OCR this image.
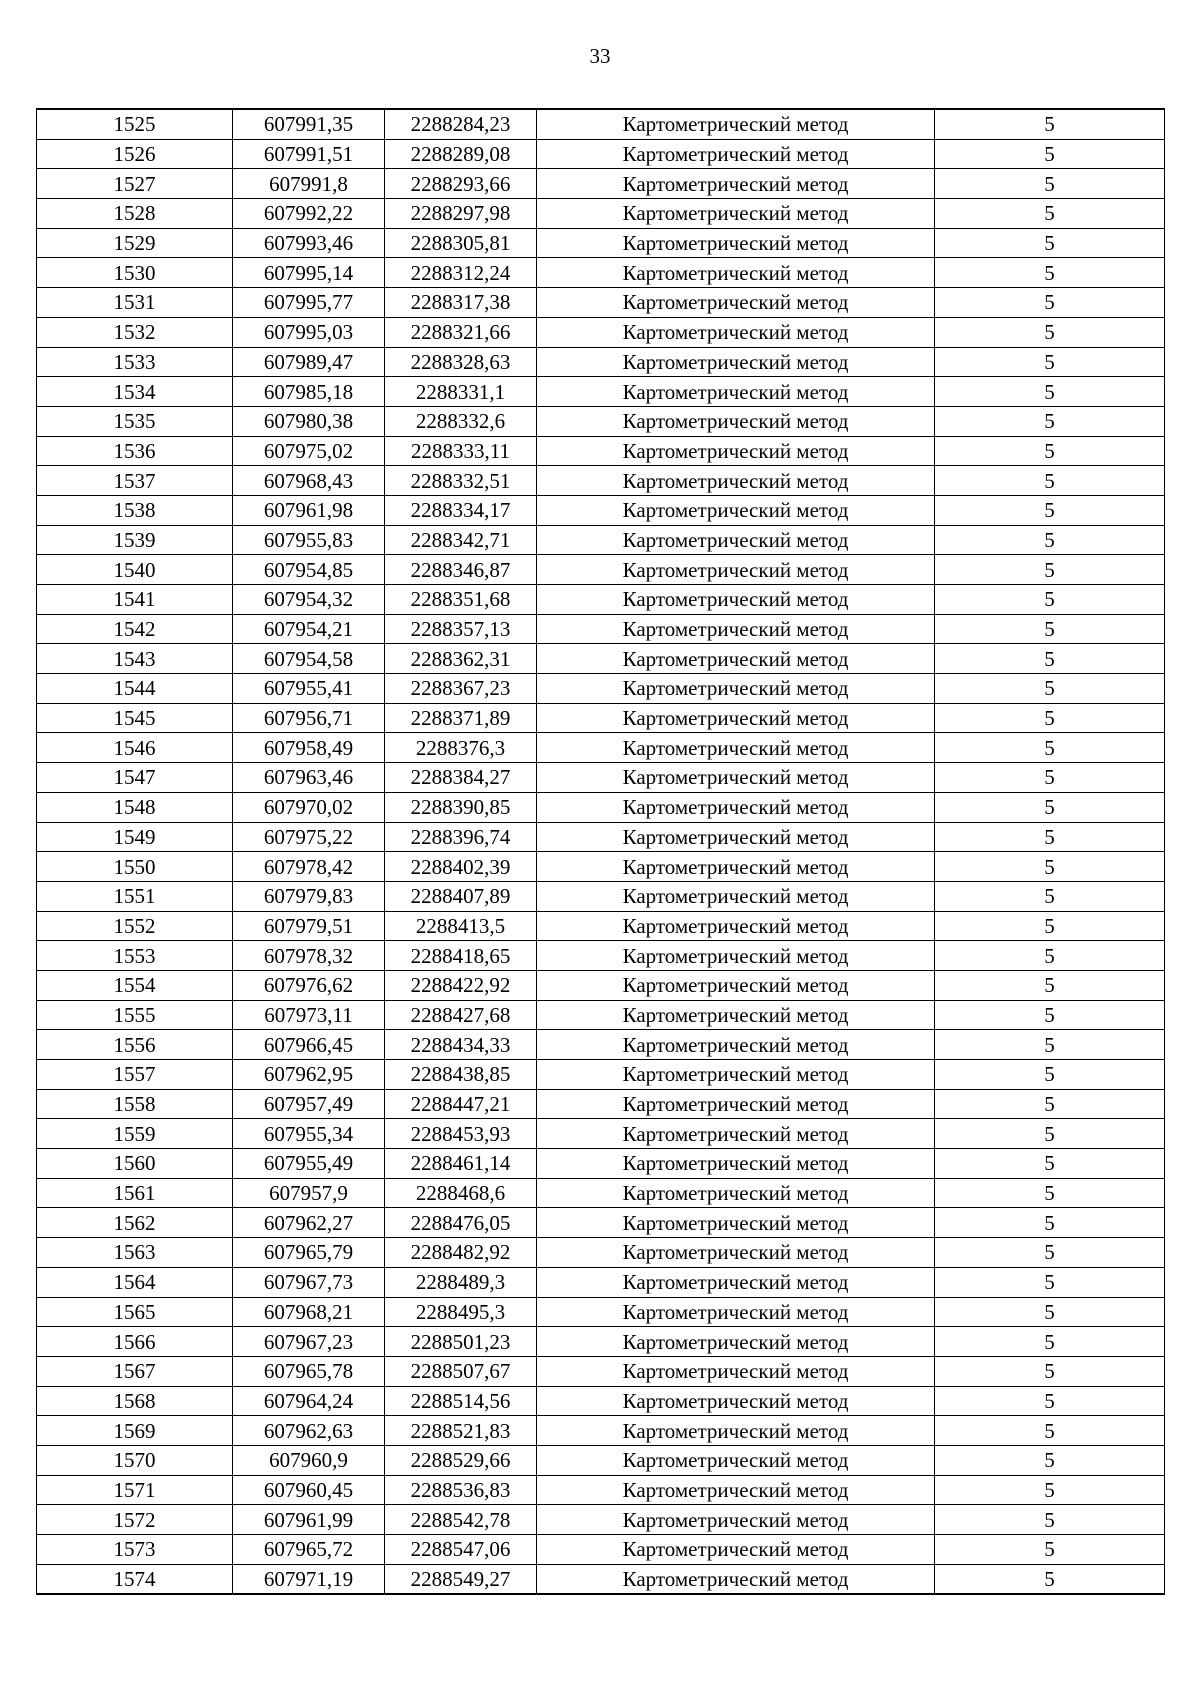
33
1525	607991,35	2288284,23	Картометрический метод	5
1526	607991,51	2288289,08	Картометрический метод	5
1527	607991,8	2288293,66	Картометрический метод	5
1528	607992,22	2288297,98	Картометрический метод	5
1529	607993,46	2288305,81	Картометрический метод	5
1530	607995,14	2288312,24	Картометрический метод	5
1531	607995,77	2288317,38	Картометрический метод	5
1532	607995,03	2288321,66	Картометрический метод	5
1533	607989,47	2288328,63	Картометрический метод	5
1534	607985,18	2288331,1	Картометрический метод	5
1535	607980,38	2288332,6	Картометрический метод	5
1536	607975,02	2288333,11	Картометрический метод	5
1537	607968,43	2288332,51	Картометрический метод	5
1538	607961,98	2288334,17	Картометрический метод	5
1539	607955,83	2288342,71	Картометрический метод	5
1540	607954,85	2288346,87	Картометрический метод	5
1541	607954,32	2288351,68	Картометрический метод	5
1542	607954,21	2288357,13	Картометрический метод	5
1543	607954,58	2288362,31	Картометрический метод	5
1544	607955,41	2288367,23	Картометрический метод	5
1545	607956,71	2288371,89	Картометрический метод	5
1546	607958,49	2288376,3	Картометрический метод	5
1547	607963,46	2288384,27	Картометрический метод	5
1548	607970,02	2288390,85	Картометрический метод	5
1549	607975,22	2288396,74	Картометрический метод	5
1550	607978,42	2288402,39	Картометрический метод	5
1551	607979,83	2288407,89	Картометрический метод	5
1552	607979,51	2288413,5	Картометрический метод	5
1553	607978,32	2288418,65	Картометрический метод	5
1554	607976,62	2288422,92	Картометрический метод	5
1555	607973,11	2288427,68	Картометрический метод	5
1556	607966,45	2288434,33	Картометрический метод	5
1557	607962,95	2288438,85	Картометрический метод	5
1558	607957,49	2288447,21	Картометрический метод	5
1559	607955,34	2288453,93	Картометрический метод	5
1560	607955,49	2288461,14	Картометрический метод	5
1561	607957,9	2288468,6	Картометрический метод	5
1562	607962,27	2288476,05	Картометрический метод	5
1563	607965,79	2288482,92	Картометрический метод	5
1564	607967,73	2288489,3	Картометрический метод	5
1565	607968,21	2288495,3	Картометрический метод	5
1566	607967,23	2288501,23	Картометрический метод	5
1567	607965,78	2288507,67	Картометрический метод	5
1568	607964,24	2288514,56	Картометрический метод	5
1569	607962,63	2288521,83	Картометрический метод	5
1570	607960,9	2288529,66	Картометрический метод	5
1571	607960,45	2288536,83	Картометрический метод	5
1572	607961,99	2288542,78	Картометрический метод	5
1573	607965,72	2288547,06	Картометрический метод	5
1574	607971,19	2288549,27	Картометрический метод	5
